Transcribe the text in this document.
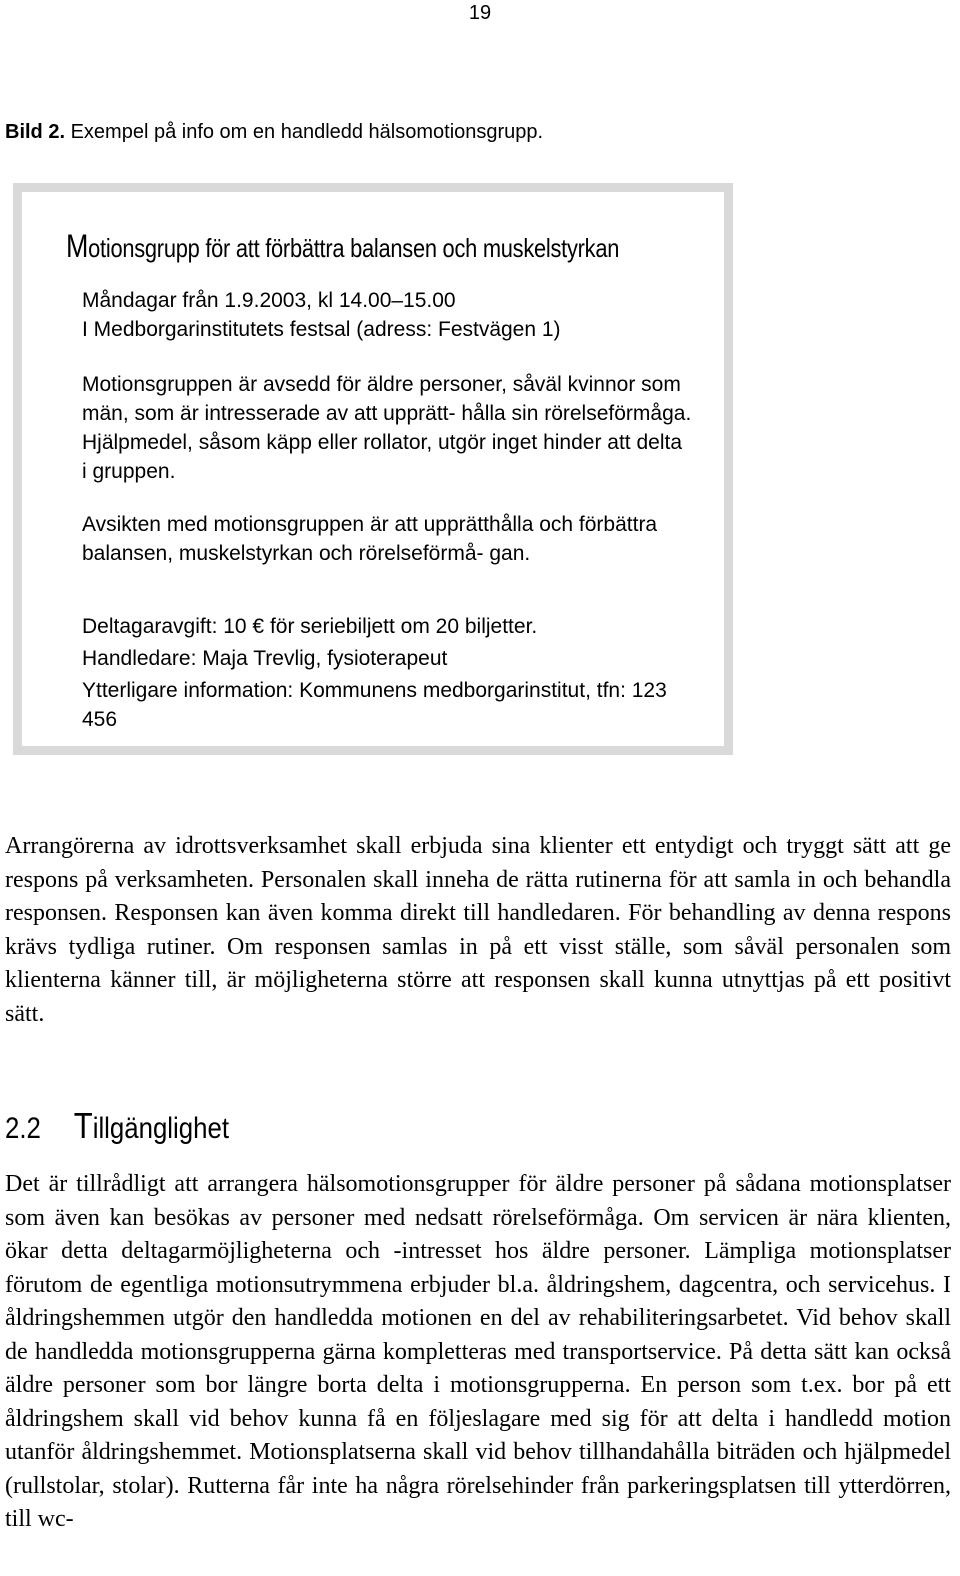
19
Bild 2. Exempel på info om en handledd hälsomotionsgrupp.
Motionsgrupp för att förbättra balansen och muskelstyrkan

Måndagar från 1.9.2003, kl 14.00–15.00

I Medborgarinstitutets festsal (adress: Festvägen 1)

Motionsgruppen är avsedd för äldre personer, såväl kvinnor som män, som är intresserade av att upprätt- hålla sin rörelseförmåga. Hjälpmedel, såsom käpp eller rollator, utgör inget hinder att delta i gruppen.

Avsikten med motionsgruppen är att upprätthålla och förbättra balansen, muskelstyrkan och rörelseförmå- gan.

Deltagaravgift: 10 € för seriebiljett om 20 biljetter.

Handledare: Maja Trevlig, fysioterapeut

Ytterligare information: Kommunens medborgarinstitut, tfn: 123 456

Arrangörerna av idrottsverksamhet skall erbjuda sina klienter ett entydigt och tryggt sätt att ge respons på verksamheten. Personalen skall inneha de rätta rutinerna för att samla in och behandla responsen. Responsen kan även komma direkt till handledaren. För behandling av denna respons krävs tydliga rutiner. Om responsen samlas in på ett visst ställe, som såväl personalen som klienterna känner till, är möjligheterna större att responsen skall kunna utnyttjas på ett positivt sätt.

2.2 Tillgänglighet

Det är tillrådligt att arrangera hälsomotionsgrupper för äldre personer på sådana motionsplatser som även kan besökas av personer med nedsatt rörelseförmåga. Om servicen är nära klienten, ökar detta deltagarmöjligheterna och -intresset hos äldre personer. Lämpliga motionsplatser förutom de egentliga motionsutrymmena erbjuder bl.a. åldringshem, dagcentra, och servicehus. I åldringshemmen utgör den handledda motionen en del av rehabiliteringsarbetet. Vid behov skall de handledda motionsgrupperna gärna kompletteras med transportservice. På detta sätt kan också äldre personer som bor längre borta delta i motionsgrupperna. En person som t.ex. bor på ett åldringshem skall vid behov kunna få en följeslagare med sig för att delta i handledd motion utanför åldringshemmet. Motionsplatserna skall vid behov tillhandahålla biträden och hjälpmedel (rullstolar, stolar). Rutterna får inte ha några rörelsehinder från parkeringsplatsen till ytterdörren, till wc-
